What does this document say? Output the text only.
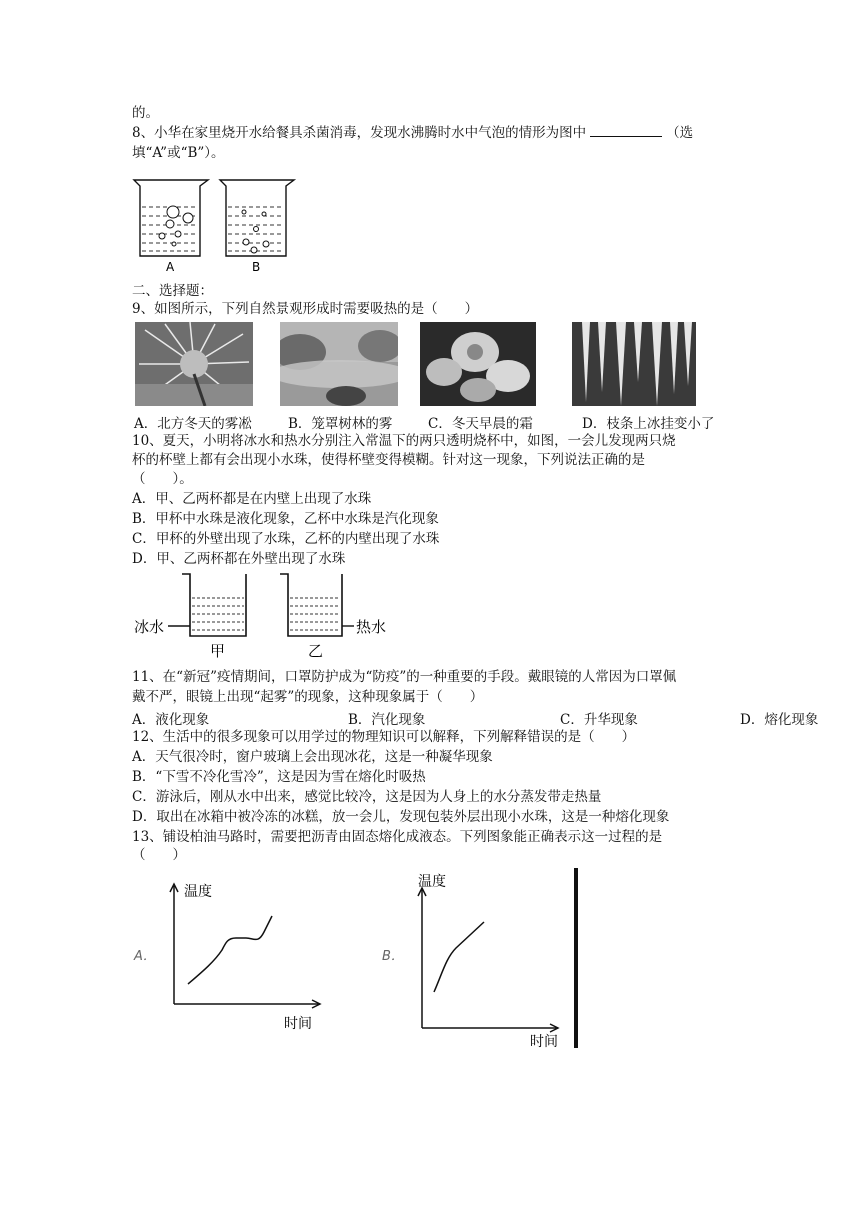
的。
8、小华在家里烧开水给餐具杀菌消毒，发现水沸腾时水中气泡的情形为图中	（选
填“A”或“B”）。
A	B
二、选择题：
9、如图所示，下列自然景观形成时需要吸热的是（　　）
A．北方冬天的雾凇	B．笼罩树林的雾	C．冬天早晨的霜	D．枝条上冰挂变小了
10、夏天，小明将冰水和热水分别注入常温下的两只透明烧杯中，如图，一会儿发现两只烧
杯的杯壁上都有会出现小水珠，使得杯壁变得模糊。针对这一现象，下列说法正确的是
（　　）。
A．甲、乙两杯都是在内壁上出现了水珠
B．甲杯中水珠是液化现象，乙杯中水珠是汽化现象
C．甲杯的外壁出现了水珠，乙杯的内壁出现了水珠
D．甲、乙两杯都在外壁出现了水珠
冰水	热水
甲	乙
11、在“新冠”疫情期间，口罩防护成为“防疫”的一种重要的手段。戴眼镜的人常因为口罩佩
戴不严，眼镜上出现“起雾”的现象，这种现象属于（　　）
A．液化现象	B．汽化现象	C．升华现象	D．熔化现象
12、生活中的很多现象可以用学过的物理知识可以解释，下列解释错误的是（　　）
A．天气很冷时，窗户玻璃上会出现冰花，这是一种凝华现象
B．“下雪不冷化雪冷”，这是因为雪在熔化时吸热
C．游泳后，刚从水中出来，感觉比较冷，这是因为人身上的水分蒸发带走热量
D．取出在冰箱中被冷冻的冰糕，放一会儿，发现包装外层出现小水珠，这是一种熔化现象
13、铺设柏油马路时，需要把沥青由固态熔化成液态。下列图象能正确表示这一过程的是
（　　）
温度
时间
A．
温度
时间
B．
